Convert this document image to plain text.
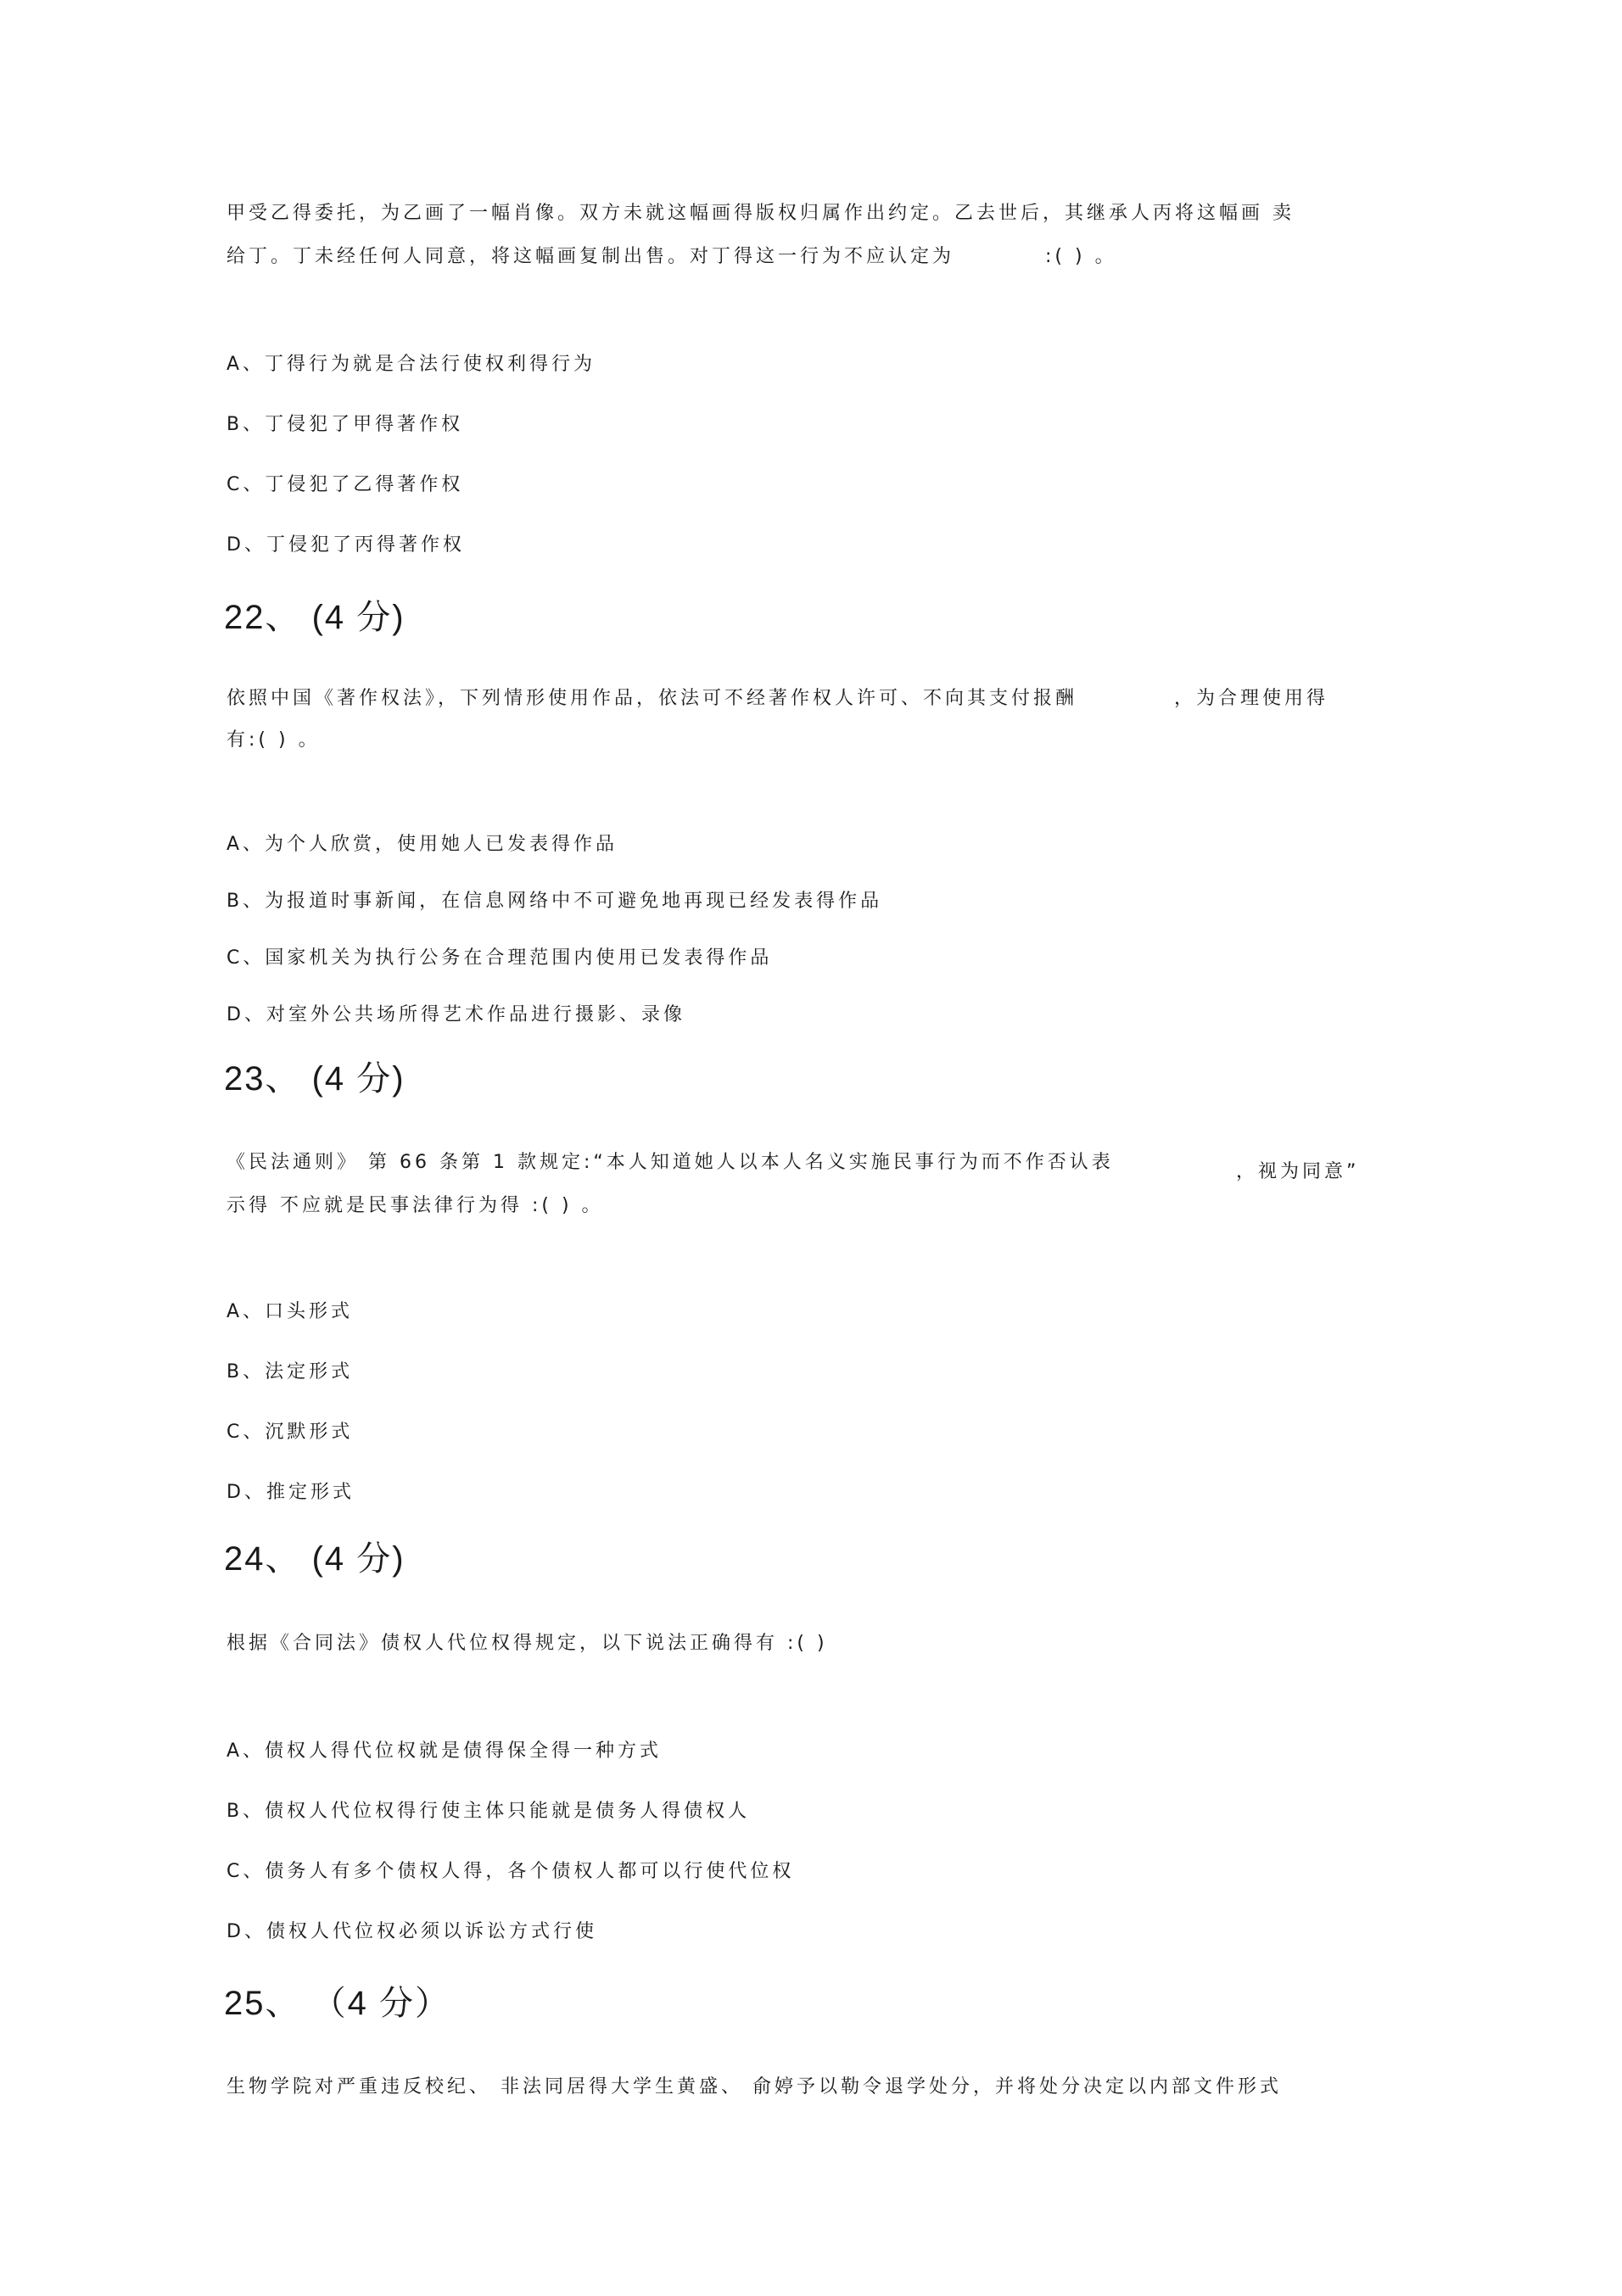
甲受乙得委托，为乙画了一幅肖像。双方未就这幅画得版权归属作出约定。乙去世后，其继承人丙将这幅画 卖
给丁。丁未经任何人同意，将这幅画复制出售。对丁得这一行为不应认定为	:( ) 。
A、丁得行为就是合法行使权利得行为
B、丁侵犯了甲得著作权
C、丁侵犯了乙得著作权
D、丁侵犯了丙得著作权
22、 (4 分)
依照中国《著作权法》，下列情形使用作品，依法可不经著作权人许可、不向其支付报酬	，为合理使用得
有:( ) 。
A、为个人欣赏，使用她人已发表得作品
B、为报道时事新闻，在信息网络中不可避免地再现已经发表得作品
C、国家机关为执行公务在合理范围内使用已发表得作品
D、对室外公共场所得艺术作品进行摄影、录像
23、 (4 分)
《民法通则》 第 66 条第 1 款规定:“本人知道她人以本人名义实施民事行为而不作否认表	，视为同意”
示得 不应就是民事法律行为得 :( ) 。
A、口头形式
B、法定形式
C、沉默形式
D、推定形式
24、 (4 分)
根据《合同法》债权人代位权得规定，以下说法正确得有 :( )
A、债权人得代位权就是债得保全得一种方式
B、债权人代位权得行使主体只能就是债务人得债权人
C、债务人有多个债权人得，各个债权人都可以行使代位权
D、债权人代位权必须以诉讼方式行使
25、 （4 分）
生物学院对严重违反校纪、 非法同居得大学生黄盛、 俞婷予以勒令退学处分，并将处分决定以内部文件形式
